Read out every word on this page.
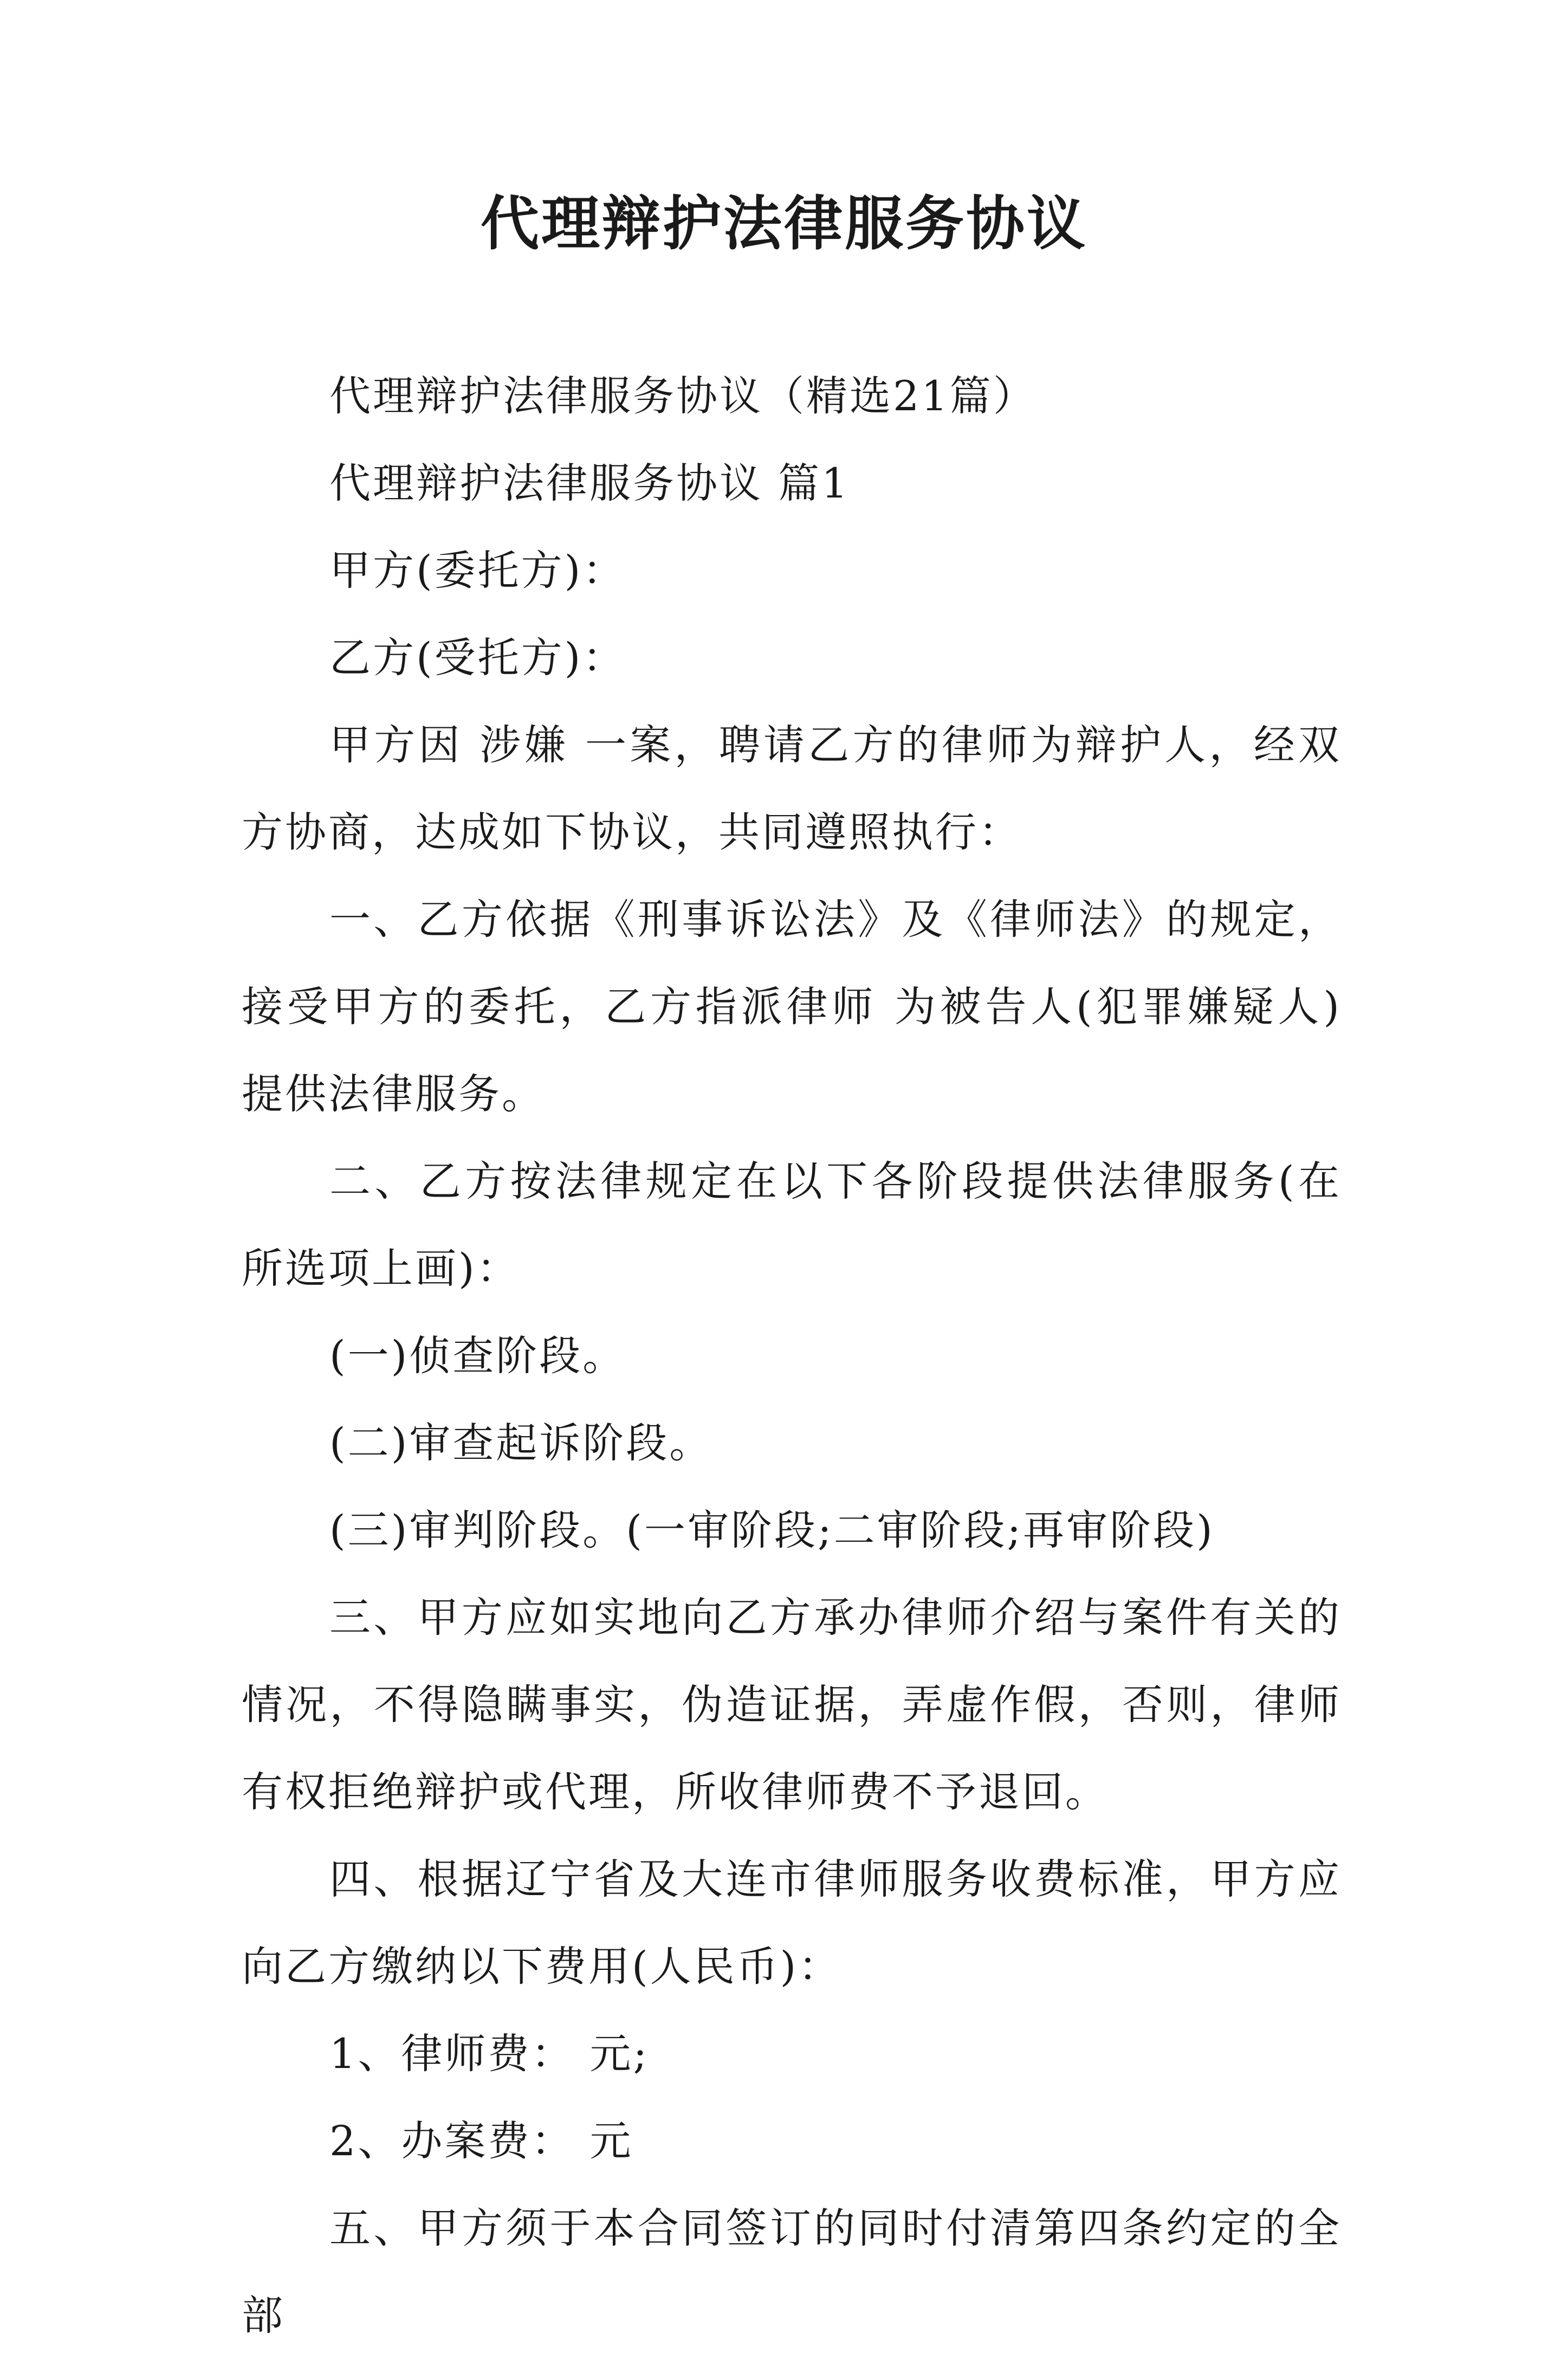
代理辩护法律服务协议

代理辩护法律服务协议（精选21篇）

代理辩护法律服务协议 篇1

甲方(委托方)：

乙方(受托方)：

甲方因 涉嫌 一案，聘请乙方的律师为辩护人，经双方协商，达成如下协议，共同遵照执行：

一、乙方依据《刑事诉讼法》及《律师法》的规定，接受甲方的委托，乙方指派律师 为被告人(犯罪嫌疑人) 提供法律服务。

二、乙方按法律规定在以下各阶段提供法律服务(在所选项上画)：

(一)侦查阶段。

(二)审查起诉阶段。

(三)审判阶段。(一审阶段;二审阶段;再审阶段)

三、甲方应如实地向乙方承办律师介绍与案件有关的情况，不得隐瞒事实，伪造证据，弄虚作假，否则，律师有权拒绝辩护或代理，所收律师费不予退回。

四、根据辽宁省及大连市律师服务收费标准，甲方应向乙方缴纳以下费用(人民币)：

1、律师费： 元;

2、办案费： 元

五、甲方须于本合同签订的同时付清第四条约定的全部
